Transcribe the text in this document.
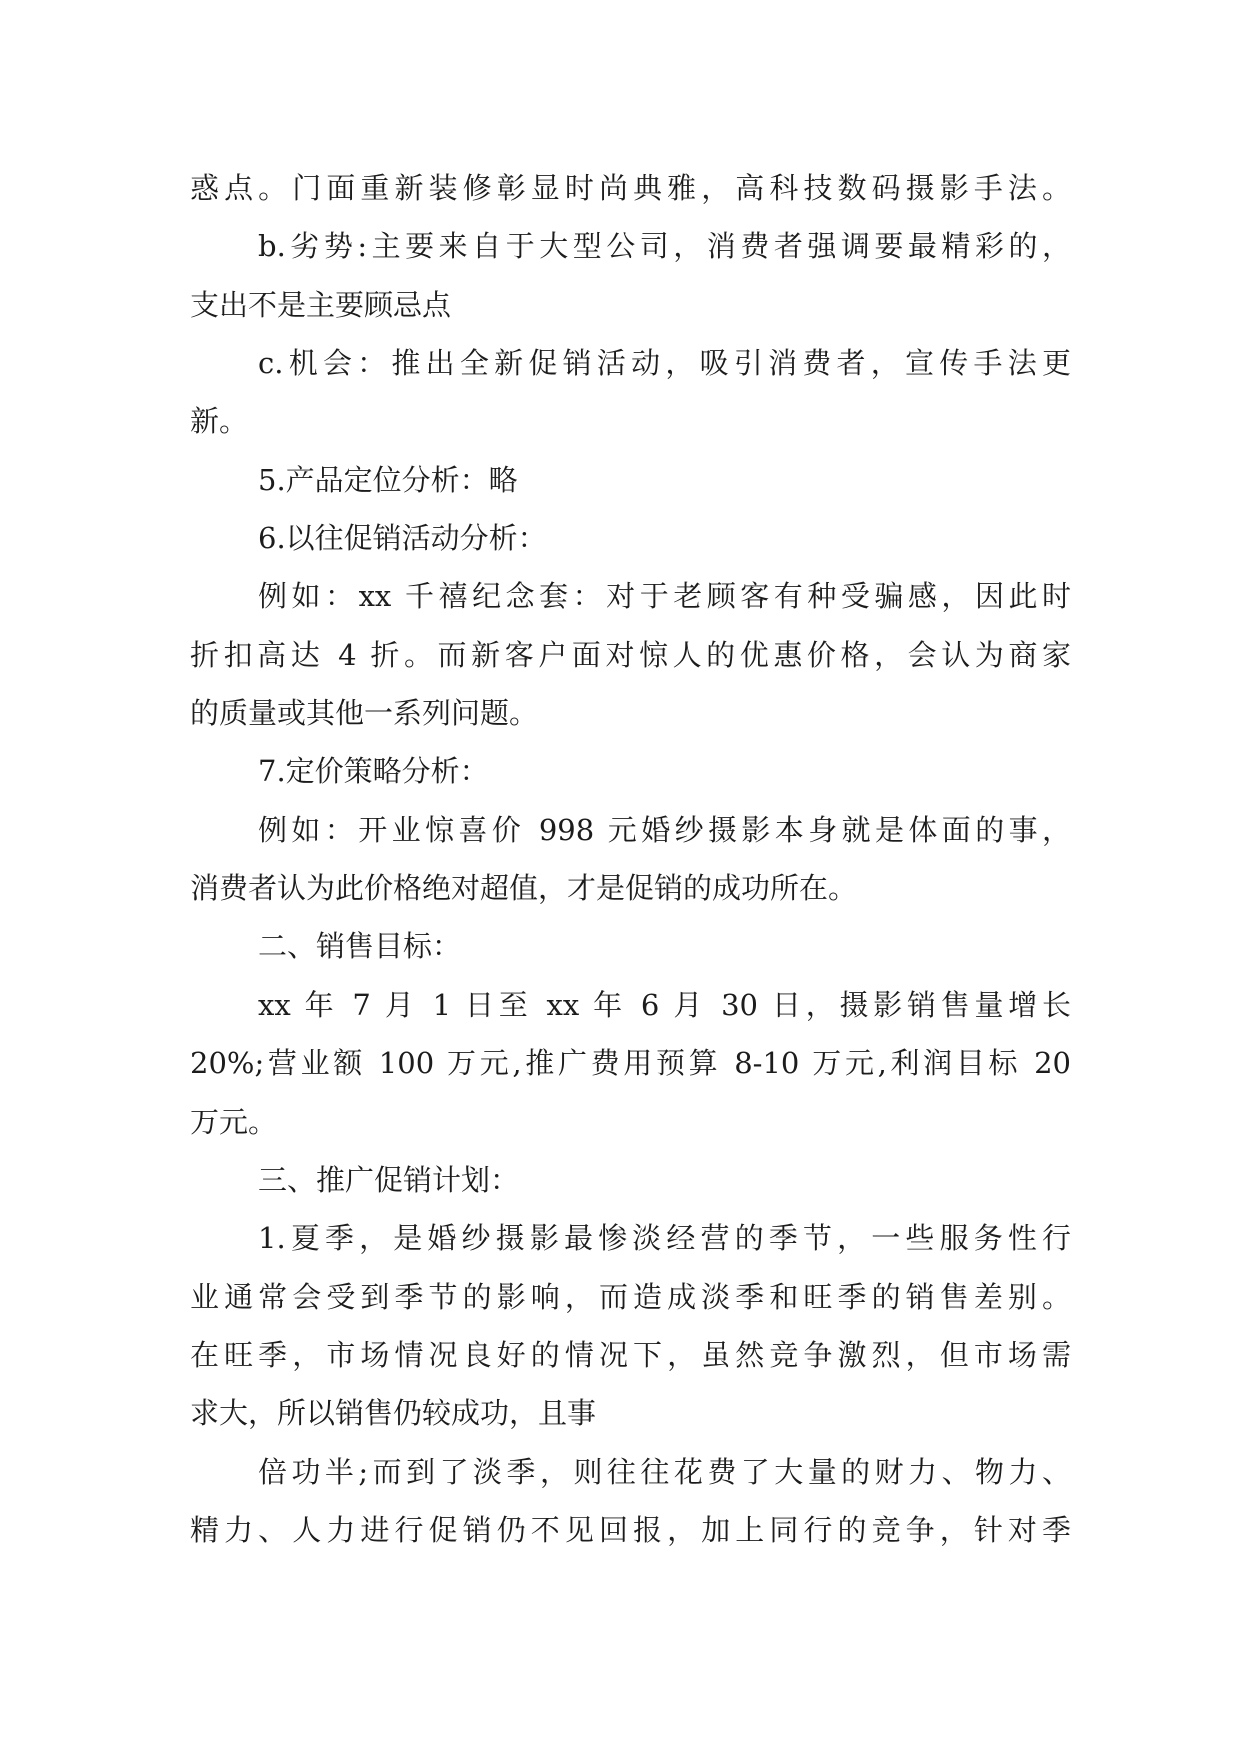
惑点。门面重新装修彰显时尚典雅，高科技数码摄影手法。
b.劣势:主要来自于大型公司，消费者强调要最精彩的，
支出不是主要顾忌点
c.机会：推出全新促销活动，吸引消费者，宣传手法更
新。
5.产品定位分析：略
6.以往促销活动分析：
例如：xx 千禧纪念套：对于老顾客有种受骗感，因此时
折扣高达 4 折。而新客户面对惊人的优惠价格，会认为商家
的质量或其他一系列问题。
7.定价策略分析：
例如：开业惊喜价 998 元婚纱摄影本身就是体面的事，
消费者认为此价格绝对超值，才是促销的成功所在。
二、销售目标：
xx 年 7 月 1 日至 xx 年 6 月 30 日，摄影销售量增长
20%;营业额 100 万元,推广费用预算 8-10 万元,利润目标 20
万元。
三、推广促销计划：
1.夏季，是婚纱摄影最惨淡经营的季节，一些服务性行
业通常会受到季节的影响，而造成淡季和旺季的销售差别。
在旺季，市场情况良好的情况下，虽然竞争激烈，但市场需
求大，所以销售仍较成功，且事
倍功半;而到了淡季，则往往花费了大量的财力、物力、
精力、人力进行促销仍不见回报，加上同行的竞争，针对季
